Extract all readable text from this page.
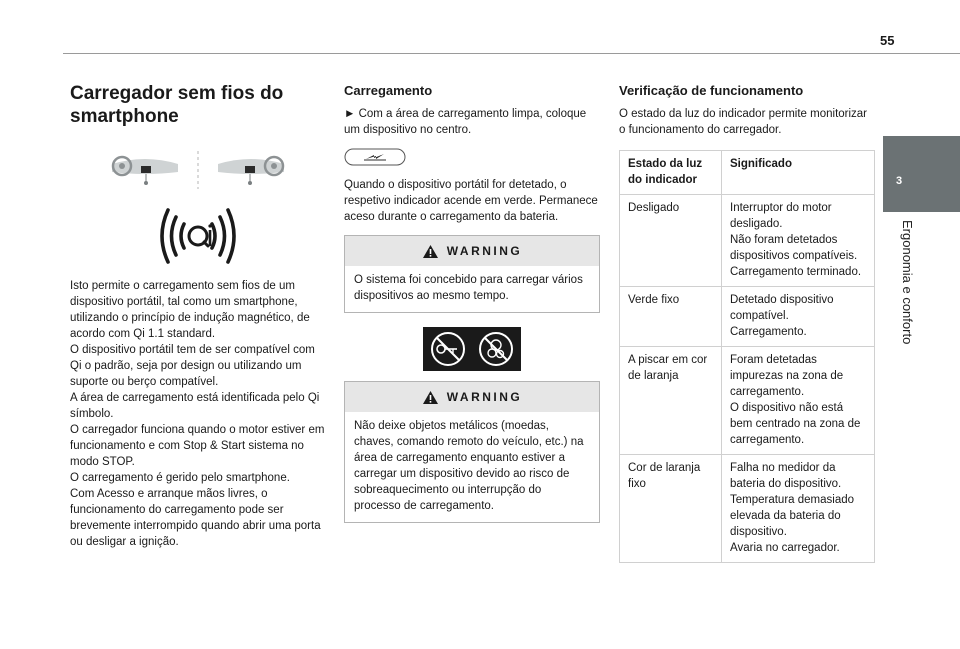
55
3
Ergonomia e conforto
Carregador sem fios do smartphone

Isto permite o carregamento sem fios de um dispositivo portátil, tal como um smartphone, utilizando o princípio de indução magnético, de acordo com Qi 1.1 standard.

O dispositivo portátil tem de ser compatível com Qi o padrão, seja por design ou utilizando um suporte ou berço compatível.

A área de carregamento está identificada pelo Qi símbolo.

O carregador funciona quando o motor estiver em funcionamento e com Stop & Start sistema no modo STOP.

O carregamento é gerido pelo smartphone.

Com Acesso e arranque mãos livres, o funcionamento do carregamento pode ser brevemente interrompido quando abrir uma porta ou desligar a ignição.

Carregamento

► Com a área de carregamento limpa, coloque um dispositivo no centro.

Quando o dispositivo portátil for detetado, o respetivo indicador acende em verde. Permanece aceso durante o carregamento da bateria.

WARNING
O sistema foi concebido para carregar vários dispositivos ao mesmo tempo.
WARNING
Não deixe objetos metálicos (moedas, chaves, comando remoto do veículo, etc.) na área de carregamento enquanto estiver a carregar um dispositivo devido ao risco de sobreaquecimento ou interrupção do processo de carregamento.
Verificação de funcionamento

O estado da luz do indicador permite monitorizar o funcionamento do carregador.

Estado da luz do indicador	Significado
Desligado	Interruptor do motor desligado.
Não foram detetados dispositivos compatíveis.
Carregamento terminado.

Verde fixo	Detetado dispositivo compatível.
Carregamento.

A piscar em cor de laranja	Foram detetadas impurezas na zona de carregamento.
O dispositivo não está bem centrado na zona de carregamento.

Cor de laranja fixo	Falha no medidor da bateria do dispositivo.
Temperatura demasiado elevada da bateria do dispositivo.
Avaria no carregador.
